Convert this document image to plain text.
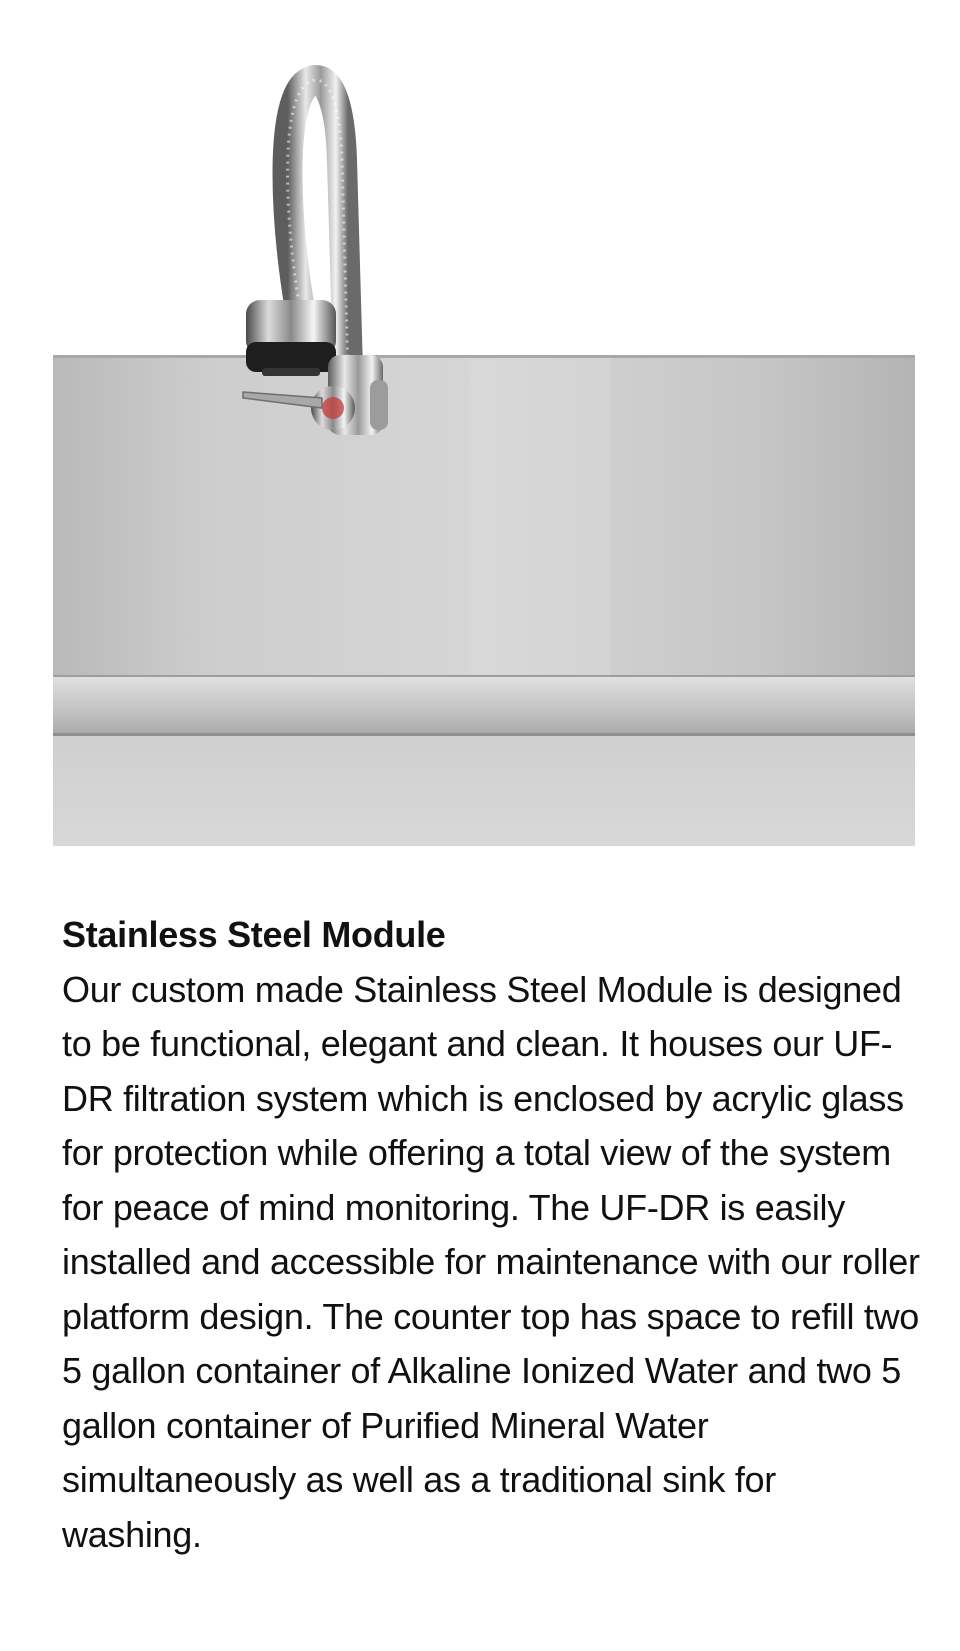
Stainless Steel Module

Our custom made Stainless Steel Module is designed to be functional, elegant and clean. It houses our UF-DR filtration system which is enclosed by acrylic glass for protection while offering a total view of the system for peace of mind monitoring. The UF-DR is easily installed and accessible for maintenance with our roller platform design. The counter top has space to refill two 5 gallon container of Alkaline Ionized Water and two 5 gallon container of Purified Mineral Water simultaneously as well as a traditional sink for washing.
